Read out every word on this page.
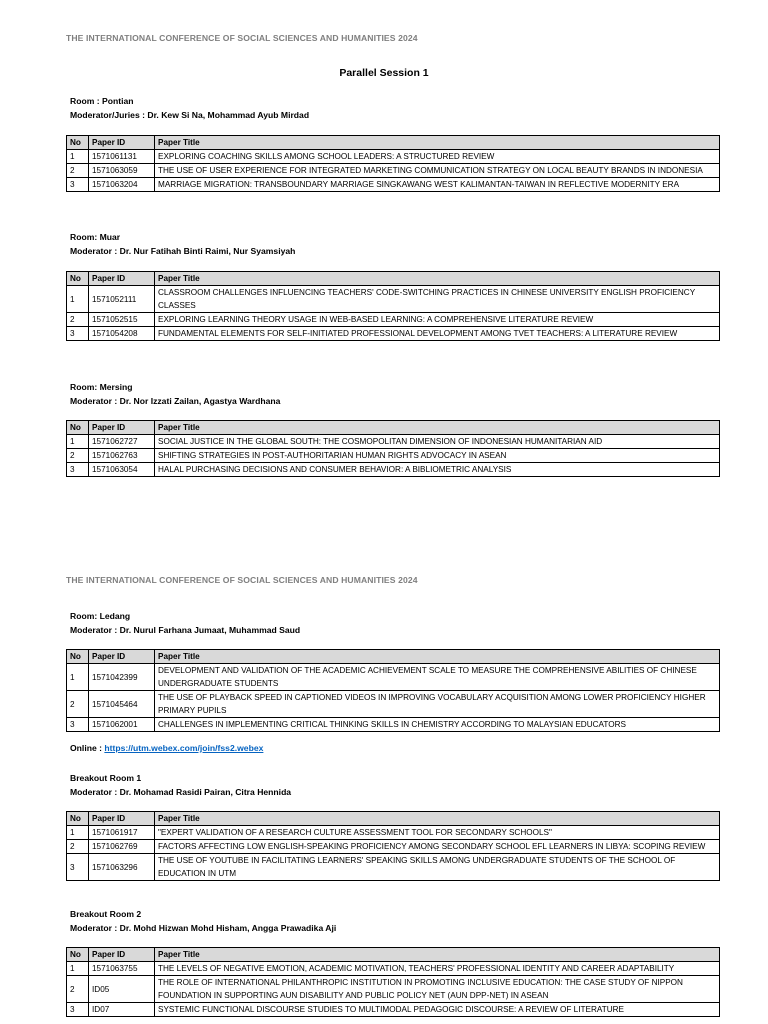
THE INTERNATIONAL CONFERENCE OF SOCIAL SCIENCES AND HUMANITIES 2024
Parallel Session 1
Room : Pontian
Moderator/Juries : Dr. Kew Si Na, Mohammad Ayub Mirdad
No	Paper ID	Paper Title
1	1571061131	EXPLORING COACHING SKILLS AMONG SCHOOL LEADERS: A STRUCTURED REVIEW
2	1571063059	THE USE OF USER EXPERIENCE FOR INTEGRATED MARKETING COMMUNICATION STRATEGY ON LOCAL BEAUTY BRANDS IN INDONESIA
3	1571063204	MARRIAGE MIGRATION: TRANSBOUNDARY MARRIAGE SINGKAWANG WEST KALIMANTAN-TAIWAN IN REFLECTIVE MODERNITY ERA
Room: Muar
Moderator : Dr. Nur Fatihah Binti Raimi, Nur Syamsiyah
No	Paper ID	Paper Title
1	1571052111	CLASSROOM CHALLENGES INFLUENCING TEACHERS' CODE-SWITCHING PRACTICES IN CHINESE UNIVERSITY ENGLISH PROFICIENCY CLASSES
2	1571052515	EXPLORING LEARNING THEORY USAGE IN WEB-BASED LEARNING: A COMPREHENSIVE LITERATURE REVIEW
3	1571054208	FUNDAMENTAL ELEMENTS FOR SELF-INITIATED PROFESSIONAL DEVELOPMENT AMONG TVET TEACHERS: A LITERATURE REVIEW
Room: Mersing
Moderator : Dr. Nor Izzati Zailan, Agastya Wardhana
No	Paper ID	Paper Title
1	1571062727	SOCIAL JUSTICE IN THE GLOBAL SOUTH: THE COSMOPOLITAN DIMENSION OF INDONESIAN HUMANITARIAN AID
2	1571062763	SHIFTING STRATEGIES IN POST-AUTHORITARIAN HUMAN RIGHTS ADVOCACY IN ASEAN
3	1571063054	HALAL PURCHASING DECISIONS AND CONSUMER BEHAVIOR: A BIBLIOMETRIC ANALYSIS
THE INTERNATIONAL CONFERENCE OF SOCIAL SCIENCES AND HUMANITIES 2024
Room: Ledang
Moderator : Dr. Nurul Farhana Jumaat, Muhammad Saud
No	Paper ID	Paper Title
1	1571042399	DEVELOPMENT AND VALIDATION OF THE ACADEMIC ACHIEVEMENT SCALE TO MEASURE THE COMPREHENSIVE ABILITIES OF CHINESE UNDERGRADUATE STUDENTS
2	1571045464	THE USE OF PLAYBACK SPEED IN CAPTIONED VIDEOS IN IMPROVING VOCABULARY ACQUISITION AMONG LOWER PROFICIENCY HIGHER PRIMARY PUPILS
3	1571062001	CHALLENGES IN IMPLEMENTING CRITICAL THINKING SKILLS IN CHEMISTRY ACCORDING TO MALAYSIAN EDUCATORS
Online : https://utm.webex.com/join/fss2.webex
Breakout Room 1
Moderator : Dr. Mohamad Rasidi Pairan, Citra Hennida
No	Paper ID	Paper Title
1	1571061917	"EXPERT VALIDATION OF A RESEARCH CULTURE ASSESSMENT TOOL FOR SECONDARY SCHOOLS"
2	1571062769	FACTORS AFFECTING LOW ENGLISH-SPEAKING PROFICIENCY AMONG SECONDARY SCHOOL EFL LEARNERS IN LIBYA: SCOPING REVIEW
3	1571063296	THE USE OF YOUTUBE IN FACILITATING LEARNERS' SPEAKING SKILLS AMONG UNDERGRADUATE STUDENTS OF THE SCHOOL OF EDUCATION IN UTM
Breakout Room 2
Moderator : Dr. Mohd Hizwan Mohd Hisham, Angga Prawadika Aji
No	Paper ID	Paper Title
1	1571063755	THE LEVELS OF NEGATIVE EMOTION, ACADEMIC MOTIVATION, TEACHERS' PROFESSIONAL IDENTITY AND CAREER ADAPTABILITY
2	ID05	THE ROLE OF INTERNATIONAL PHILANTHROPIC INSTITUTION IN PROMOTING INCLUSIVE EDUCATION: THE CASE STUDY OF NIPPON FOUNDATION IN SUPPORTING AUN DISABILITY AND PUBLIC POLICY NET (AUN DPP-NET) IN ASEAN
3	ID07	SYSTEMIC FUNCTIONAL DISCOURSE STUDIES TO MULTIMODAL PEDAGOGIC DISCOURSE: A REVIEW OF LITERATURE
